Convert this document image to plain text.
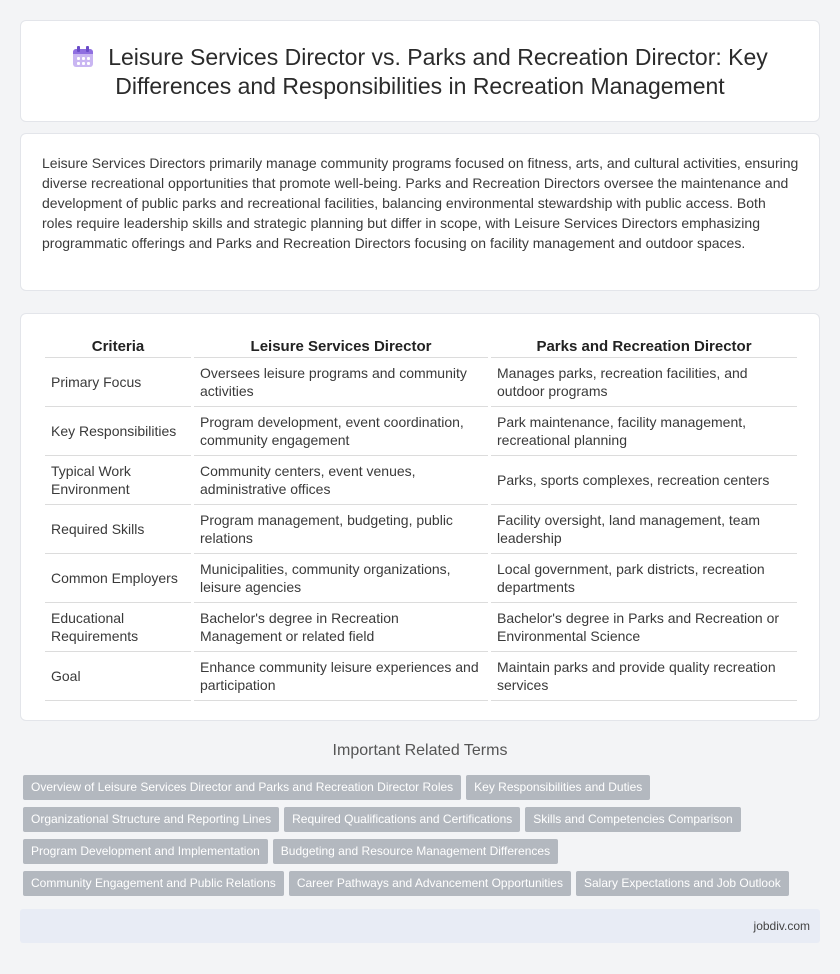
Leisure Services Director vs. Parks and Recreation Director: Key Differences and Responsibilities in Recreation Management

Leisure Services Directors primarily manage community programs focused on fitness, arts, and cultural activities, ensuring diverse recreational opportunities that promote well-being. Parks and Recreation Directors oversee the maintenance and development of public parks and recreational facilities, balancing environmental stewardship with public access. Both roles require leadership skills and strategic planning but differ in scope, with Leisure Services Directors emphasizing programmatic offerings and Parks and Recreation Directors focusing on facility management and outdoor spaces.

Criteria	Leisure Services Director	Parks and Recreation Director
Primary Focus	Oversees leisure programs and community activities	Manages parks, recreation facilities, and outdoor programs
Key Responsibilities	Program development, event coordination, community engagement	Park maintenance, facility management, recreational planning
Typical Work Environment	Community centers, event venues, administrative offices	Parks, sports complexes, recreation centers
Required Skills	Program management, budgeting, public relations	Facility oversight, land management, team leadership
Common Employers	Municipalities, community organizations, leisure agencies	Local government, park districts, recreation departments
Educational Requirements	Bachelor's degree in Recreation Management or related field	Bachelor's degree in Parks and Recreation or Environmental Science
Goal	Enhance community leisure experiences and participation	Maintain parks and provide quality recreation services
Important Related Terms
Overview of Leisure Services Director and Parks and Recreation Director Roles Key Responsibilities and Duties
Organizational Structure and Reporting Lines Required Qualifications and Certifications Skills and Competencies Comparison
Program Development and Implementation Budgeting and Resource Management Differences
Community Engagement and Public Relations Career Pathways and Advancement Opportunities Salary Expectations and Job Outlook
jobdiv.com
